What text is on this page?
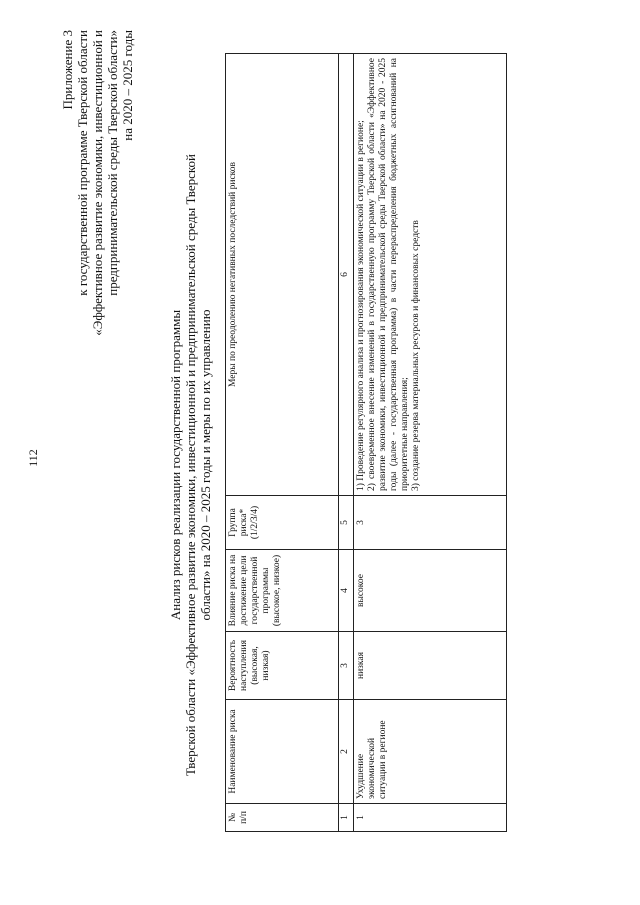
112
Приложение 3 к государственной программе Тверской области «Эффективное развитие экономики, инвестиционной и предпринимательской среды Тверской области» на 2020 – 2025 годы
Анализ рисков реализации государственной программы Тверской области «Эффективное развитие экономики, инвестиционной и предпринимательской среды Тверской области» на 2020 – 2025 годы и меры по их управлению
№ п/п	Наименование риска	Вероятность наступления (высокая, низкая)	Влияние риска на достижение цели государственной программы (высокое, низкое)	Группа риска* (1/2/3/4)	Меры по преодолению негативных последствий рисков
1	2	3	4	5	6
1	Ухудшение экономической ситуации в регионе	низкая	высокое	3	1) Проведение регулярного анализа и прогнозирования экономической ситуации в регионе; 2) своевременное внесение изменений в государственную программу Тверской области «Эффективное развитие экономики, инвестиционной и предпринимательской среды Тверской области» на 2020 - 2025 годы (далее - государственная программа) в части перераспределения бюджетных ассигнований на приоритетные направления; 3) создание резерва материальных ресурсов и финансовых средств
